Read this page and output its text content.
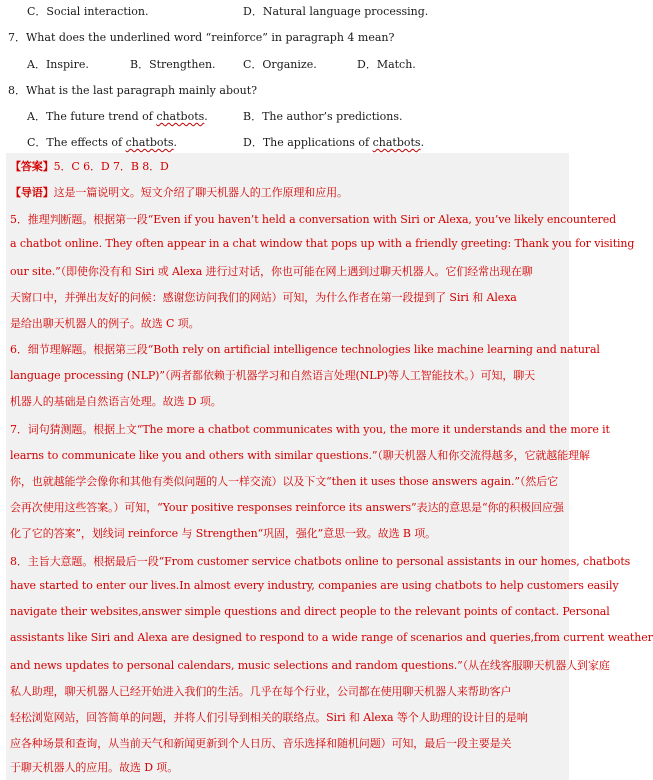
C．Social interaction.	D．Natural language processing.
7．What does the underlined word “reinforce” in paragraph 4 mean?
A．Inspire.	B．Strengthen. C．Organize.	D．Match.
8．What is the last paragraph mainly about?
A．The future trend of chatbots.	B．The author’s predictions.
C．The effects of chatbots.	D．The applications of chatbots.
【答案】5．C 6．D 7．B 8．D
【导语】这是一篇说明文。短文介绍了聊天机器人的工作原理和应用。
5．推理判断题。根据第一段“Even if you haven’t held a conversation with Siri or Alexa, you’ve likely encountered
a chatbot online. They often appear in a chat window that pops up with a friendly greeting: Thank you for visiting
our site.”（即使你没有和 Siri 或 Alexa 进行过对话，你也可能在网上遇到过聊天机器人。它们经常出现在聊
天窗口中，并弹出友好的问候：感谢您访问我们的网站）可知，为什么作者在第一段提到了 Siri 和 Alexa
是给出聊天机器人的例子。故选 C 项。
6．细节理解题。根据第三段“Both rely on artificial intelligence technologies like machine learning and natural
language processing (NLP)”（两者都依赖于机器学习和自然语言处理(NLP)等人工智能技术。）可知，聊天
机器人的基础是自然语言处理。故选 D 项。
7．词句猜测题。根据上文“The more a chatbot communicates with you, the more it understands and the more it
learns to communicate like you and others with similar questions.”（聊天机器人和你交流得越多，它就越能理解
你，也就越能学会像你和其他有类似问题的人一样交流）以及下文“then it uses those answers again.”（然后它
会再次使用这些答案。）可知，“Your positive responses reinforce its answers”表达的意思是“你的积极回应强
化了它的答案”，划线词 reinforce 与 Strengthen“巩固，强化”意思一致。故选 B 项。
8．主旨大意题。根据最后一段“From customer service chatbots online to personal assistants in our homes, chatbots
have started to enter our lives.In almost every industry, companies are using chatbots to help customers easily
navigate their websites,answer simple questions and direct people to the relevant points of contact. Personal
assistants like Siri and Alexa are designed to respond to a wide range of scenarios and queries,from current weather
and news updates to personal calendars, music selections and random questions.”（从在线客服聊天机器人到家庭
私人助理，聊天机器人已经开始进入我们的生活。几乎在每个行业，公司都在使用聊天机器人来帮助客户
轻松浏览网站，回答简单的问题，并将人们引导到相关的联络点。Siri 和 Alexa 等个人助理的设计目的是响
应各种场景和查询，从当前天气和新闻更新到个人日历、音乐选择和随机问题）可知，最后一段主要是关
于聊天机器人的应用。故选 D 项。
